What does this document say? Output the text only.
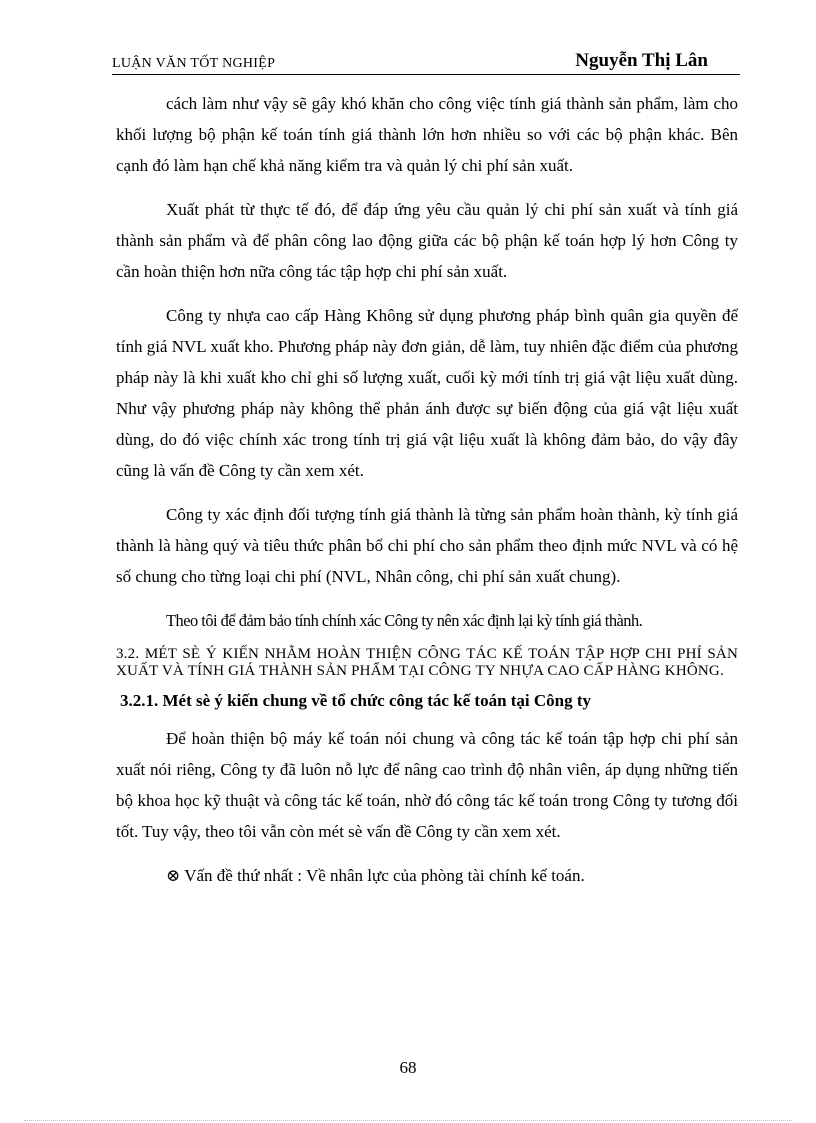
LUẬN VĂN TỐT NGHIỆP	Nguyễn Thị Lân

cách làm như vậy sẽ gây khó khăn cho công việc tính giá thành sản phẩm, làm cho khối lượng bộ phận kế toán tính giá thành lớn hơn nhiều so với các bộ phận khác. Bên cạnh đó làm hạn chế khả năng kiểm tra và quản lý chi phí sản xuất.

Xuất phát từ thực tế đó, để đáp ứng yêu cầu quản lý chi phí sản xuất và tính giá thành sản phẩm và để phân công lao động giữa các bộ phận kế toán hợp lý hơn Công ty cần hoàn thiện hơn nữa công tác tập hợp chi phí sản xuất.

Công ty nhựa cao cấp Hàng Không sử dụng phương pháp bình quân gia quyền để tính giá NVL xuất kho. Phương pháp này đơn giản, dễ làm, tuy nhiên đặc điểm của phương pháp này là khi xuất kho chỉ ghi số lượng xuất, cuối kỳ mới tính trị giá vật liệu xuất dùng. Như vậy phương pháp này không thể phản ánh được sự biến động của giá vật liệu xuất dùng, do đó việc chính xác trong tính trị giá vật liệu xuất là không đảm bảo, do vậy đây cũng là vấn đề Công ty cần xem xét.

Công ty xác định đối tượng tính giá thành là từng sản phẩm hoàn thành, kỳ tính giá thành là hàng quý và tiêu thức phân bổ chi phí cho sản phẩm theo định mức NVL và có hệ số chung cho từng loại chi phí (NVL, Nhân công, chi phí sản xuất chung).

Theo tôi để đảm bảo tính chính xác Công ty nên xác định lại kỳ tính giá thành.

3.2. MÉT SÈ Ý KIẾN NHẰM HOÀN THIỆN CÔNG TÁC KẾ TOÁN TẬP HỢP CHI PHÍ SẢN XUẤT VÀ TÍNH GIÁ THÀNH SẢN PHẨM TẠI CÔNG TY NHỰA CAO CẤP HÀNG KHÔNG.
3.2.1. Mét sè ý kiến chung về tổ chức công tác kế toán tại Công ty

Để hoàn thiện bộ máy kế toán nói chung và công tác kế toán tập hợp chi phí sản xuất nói riêng, Công ty đã luôn nỗ lực để nâng cao trình độ nhân viên, áp dụng những tiến bộ khoa học kỹ thuật và công tác kế toán, nhờ đó công tác kế toán trong Công ty tương đối tốt. Tuy vậy, theo tôi vẫn còn mét sè vấn đề Công ty cần xem xét.

⊗ Vấn đề thứ nhất : Về nhân lực của phòng tài chính kế toán.
68
